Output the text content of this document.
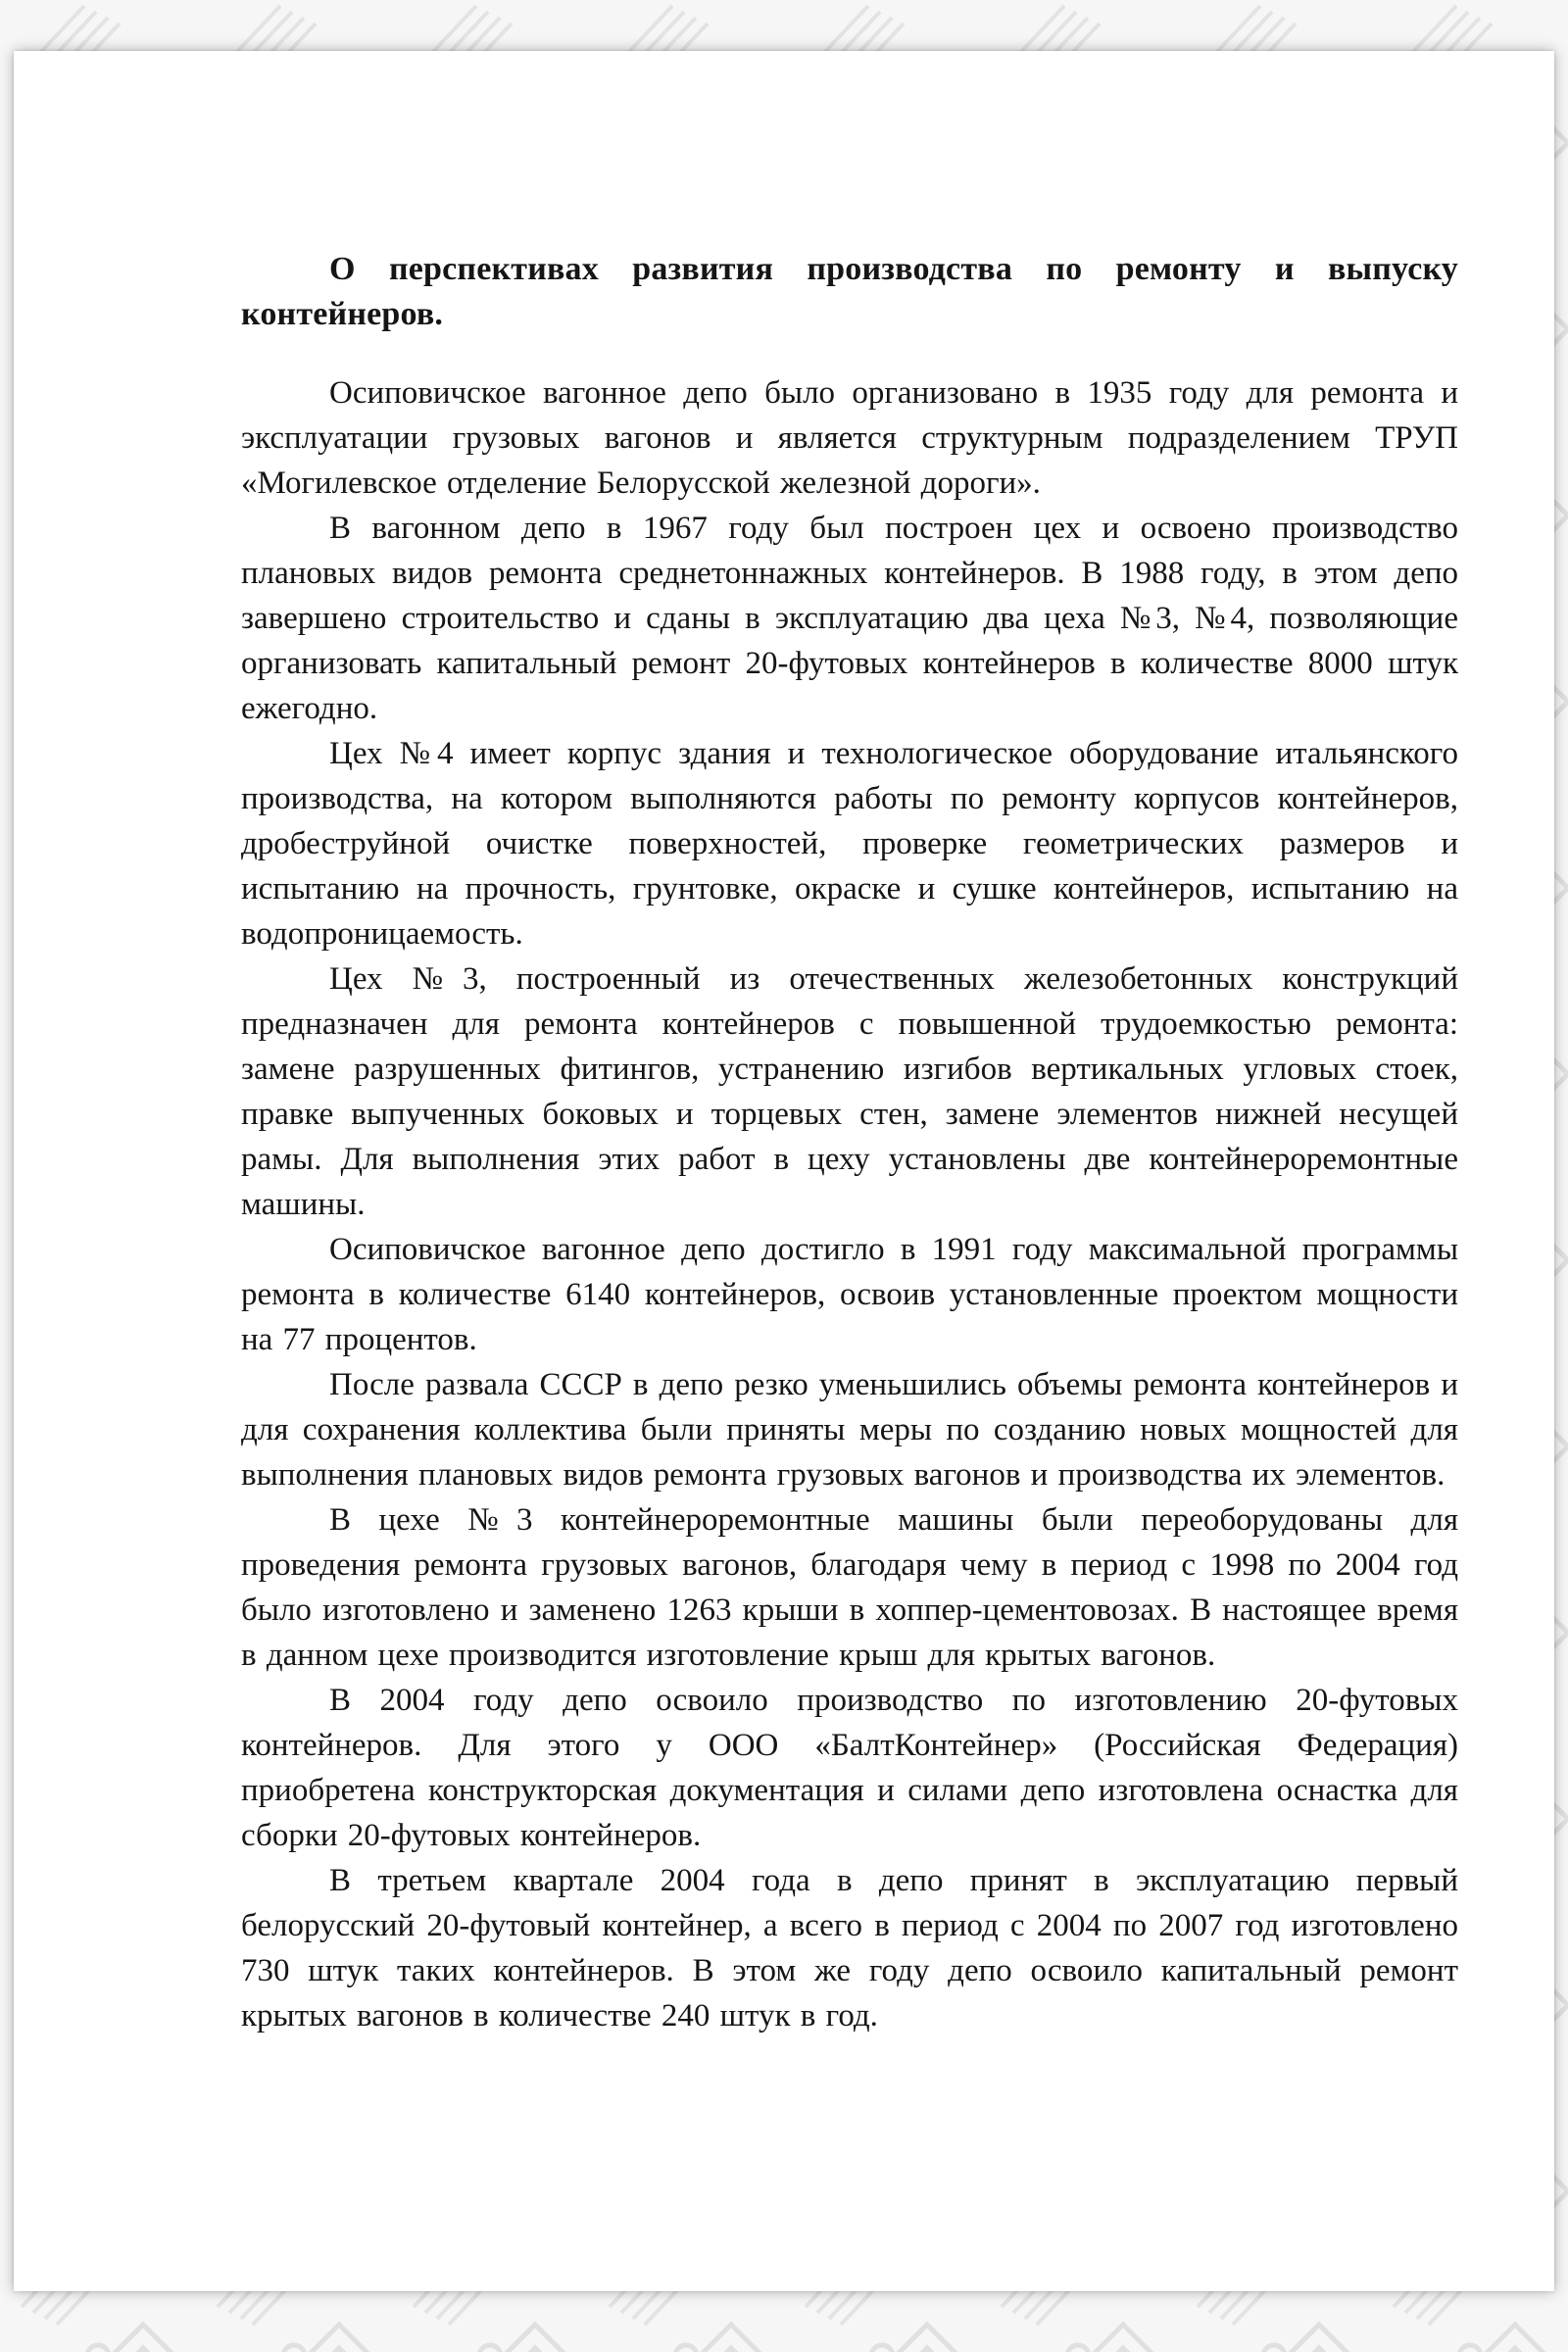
О перспективах развития производства по ремонту и выпуску контейнеров.

Осиповичское вагонное депо было организовано в 1935 году для ремонта и эксплуатации грузовых вагонов и является структурным подразделением ТРУП «Могилевское отделение Белорусской железной дороги».

В вагонном депо в 1967 году был построен цех и освоено производство плановых видов ремонта среднетоннажных контейнеров. В 1988 году, в этом депо завершено строительство и сданы в эксплуатацию два цеха №3, №4, позволяющие организовать капитальный ремонт 20-футовых контейнеров в количестве 8000 штук ежегодно.

Цех №4 имеет корпус здания и технологическое оборудование итальянского производства, на котором выполняются работы по ремонту корпусов контейнеров, дробеструйной очистке поверхностей, проверке геометрических размеров и испытанию на прочность, грунтовке, окраске и сушке контейнеров, испытанию на водопроницаемость.

Цех №3, построенный из отечественных железобетонных конструкций предназначен для ремонта контейнеров с повышенной трудоемкостью ремонта: замене разрушенных фитингов, устранению изгибов вертикальных угловых стоек, правке выпученных боковых и торцевых стен, замене элементов нижней несущей рамы. Для выполнения этих работ в цеху установлены две контейнероремонтные машины.

Осиповичское вагонное депо достигло в 1991 году максимальной программы ремонта в количестве 6140 контейнеров, освоив установленные проектом мощности на 77 процентов.

После развала СССР в депо резко уменьшились объемы ремонта контейнеров и для сохранения коллектива были приняты меры по созданию новых мощностей для выполнения плановых видов ремонта грузовых вагонов и производства их элементов.

В цехе №3 контейнероремонтные машины были переоборудованы для проведения ремонта грузовых вагонов, благодаря чему в период с 1998 по 2004 год было изготовлено и заменено 1263 крыши в хоппер-цементовозах. В настоящее время в данном цехе производится изготовление крыш для крытых вагонов.

В 2004 году депо освоило производство по изготовлению 20-футовых контейнеров. Для этого у ООО «БалтКонтейнер» (Российская Федерация) приобретена конструкторская документация и силами депо изготовлена оснастка для сборки 20-футовых контейнеров.

В третьем квартале 2004 года в депо принят в эксплуатацию первый белорусский 20-футовый контейнер, а всего в период с 2004 по 2007 год изготовлено 730 штук таких контейнеров. В этом же году депо освоило капитальный ремонт крытых вагонов в количестве 240 штук в год.
